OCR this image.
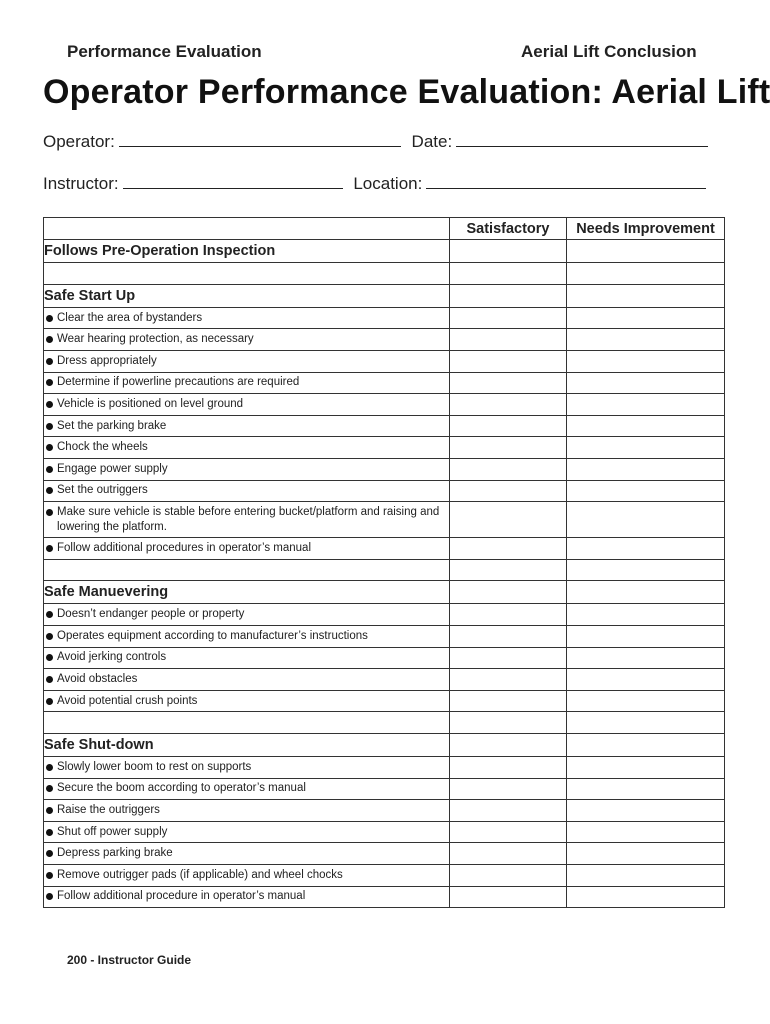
Performance Evaluation	Aerial Lift Conclusion
Operator Performance Evaluation: Aerial Lift
Operator:	Date:
Instructor:	Location:
	Satisfactory	Needs Improvement
Follows Pre-Operation Inspection		

Safe Start Up		

Clear the area of bystanders		

Wear hearing protection, as necessary		

Dress appropriately		

Determine if powerline precautions are required		

Vehicle is positioned on level ground		

Set the parking brake		

Chock the wheels		

Engage power supply		

Set the outriggers		

Make sure vehicle is stable before entering bucket/platform and raising and lowering the platform.		

Follow additional procedures in operator’s manual		

Safe Manuevering		

Doesn’t endanger people or property		

Operates equipment according to manufacturer’s instructions		

Avoid jerking controls		

Avoid obstacles		

Avoid potential crush points		

Safe Shut-down		

Slowly lower boom to rest on supports		

Secure the boom according to operator’s manual		

Raise the outriggers		

Shut off power supply		

Depress parking brake		

Remove outrigger pads (if applicable) and wheel chocks		

Follow additional procedure in operator’s manual		

200 - Instructor Guide
